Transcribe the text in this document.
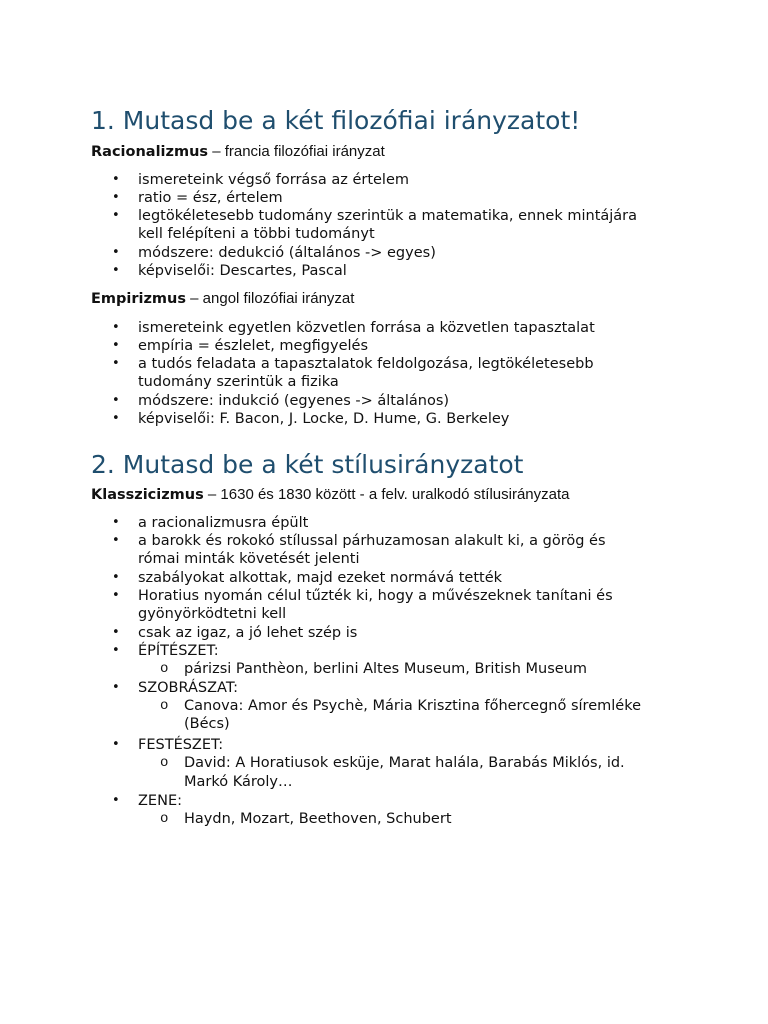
1. Mutasd be a két filozófiai irányzatot!
Racionalizmus – francia filozófiai irányzat
• ismereteink végső forrása az értelem
• ratio = ész, értelem
• legtökéletesebb tudomány szerintük a matematika, ennek mintájára
kell felépíteni a többi tudományt
• módszere: dedukció (általános -> egyes)
• képviselői: Descartes, Pascal
Empirizmus – angol filozófiai irányzat
• ismereteink egyetlen közvetlen forrása a közvetlen tapasztalat
• empíria = észlelet, megfigyelés
• a tudós feladata a tapasztalatok feldolgozása, legtökéletesebb
tudomány szerintük a fizika
• módszere: indukció (egyenes -> általános)
• képviselői: F. Bacon, J. Locke, D. Hume, G. Berkeley
2. Mutasd be a két stílusirányzatot
Klasszicizmus – 1630 és 1830 között - a felv. uralkodó stílusirányzata
• a racionalizmusra épült
• a barokk és rokokó stílussal párhuzamosan alakult ki, a görög és
római minták követését jelenti
• szabályokat alkottak, majd ezeket normává tették
• Horatius nyomán célul tűzték ki, hogy a művészeknek tanítani és
gyönyörködtetni kell
• csak az igaz, a jó lehet szép is
• ÉPÍTÉSZET:
o párizsi Panthèon, berlini Altes Museum, British Museum
• SZOBRÁSZAT:
o Canova: Amor és Psychè, Mária Krisztina főhercegnő síremléke
(Bécs)
• FESTÉSZET:
o David: A Horatiusok esküje, Marat halála, Barabás Miklós, id.
Markó Károly…
• ZENE:
o Haydn, Mozart, Beethoven, Schubert
